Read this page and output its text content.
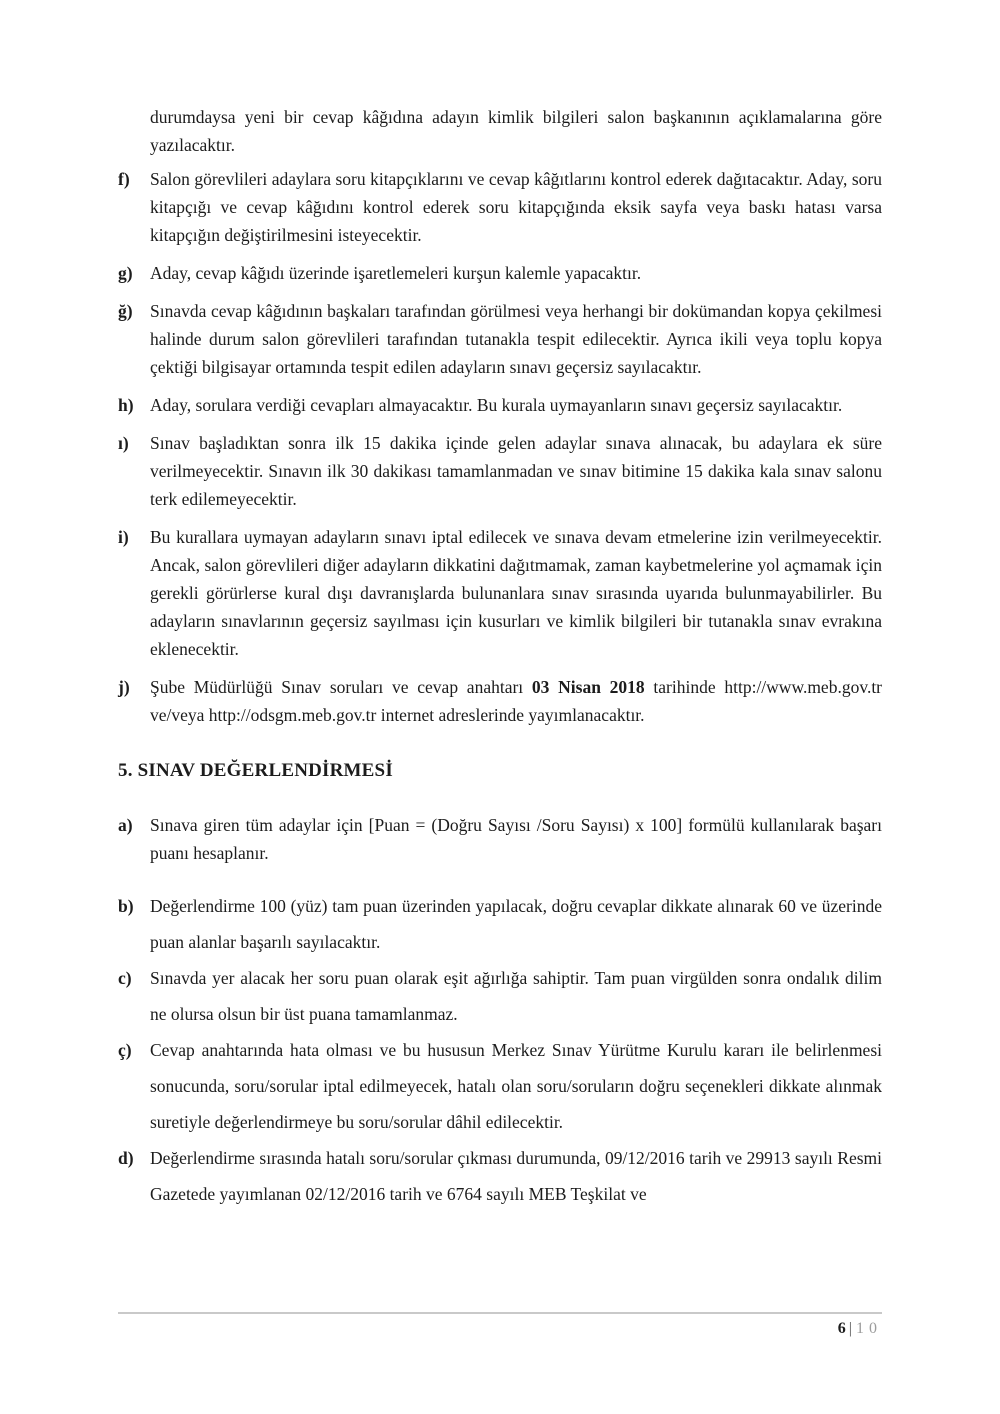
durumdaysa yeni bir cevap kâğıdına adayın kimlik bilgileri salon başkanının açıklamalarına göre yazılacaktır.

f) Salon görevlileri adaylara soru kitapçıklarını ve cevap kâğıtlarını kontrol ederek dağıtacaktır. Aday, soru kitapçığı ve cevap kâğıdını kontrol ederek soru kitapçığında eksik sayfa veya baskı hatası varsa kitapçığın değiştirilmesini isteyecektir.
g) Aday, cevap kâğıdı üzerinde işaretlemeleri kurşun kalemle yapacaktır.
ğ) Sınavda cevap kâğıdının başkaları tarafından görülmesi veya herhangi bir dokümandan kopya çekilmesi halinde durum salon görevlileri tarafından tutanakla tespit edilecektir. Ayrıca ikili veya toplu kopya çektiği bilgisayar ortamında tespit edilen adayların sınavı geçersiz sayılacaktır.
h) Aday, sorulara verdiği cevapları almayacaktır. Bu kurala uymayanların sınavı geçersiz sayılacaktır.
ı) Sınav başladıktan sonra ilk 15 dakika içinde gelen adaylar sınava alınacak, bu adaylara ek süre verilmeyecektir. Sınavın ilk 30 dakikası tamamlanmadan ve sınav bitimine 15 dakika kala sınav salonu terk edilemeyecektir.
i) Bu kurallara uymayan adayların sınavı iptal edilecek ve sınava devam etmelerine izin verilmeyecektir. Ancak, salon görevlileri diğer adayların dikkatini dağıtmamak, zaman kaybetmelerine yol açmamak için gerekli görürlerse kural dışı davranışlarda bulunanlara sınav sırasında uyarıda bulunmayabilirler. Bu adayların sınavlarının geçersiz sayılması için kusurları ve kimlik bilgileri bir tutanakla sınav evrakına eklenecektir.
j) Şube Müdürlüğü Sınav soruları ve cevap anahtarı 03 Nisan 2018 tarihinde http://www.meb.gov.tr ve/veya http://odsgm.meb.gov.tr internet adreslerinde yayımlanacaktır.
5. SINAV DEĞERLENDİRMESİ
a) Sınava giren tüm adaylar için [Puan = (Doğru Sayısı /Soru Sayısı) x 100] formülü kullanılarak başarı puanı hesaplanır.
b) Değerlendirme 100 (yüz) tam puan üzerinden yapılacak, doğru cevaplar dikkate alınarak 60 ve üzerinde puan alanlar başarılı sayılacaktır.
c) Sınavda yer alacak her soru puan olarak eşit ağırlığa sahiptir. Tam puan virgülden sonra ondalık dilim ne olursa olsun bir üst puana tamamlanmaz.
ç) Cevap anahtarında hata olması ve bu hususun Merkez Sınav Yürütme Kurulu kararı ile belirlenmesi sonucunda, soru/sorular iptal edilmeyecek, hatalı olan soru/soruların doğru seçenekleri dikkate alınmak suretiyle değerlendirmeye bu soru/sorular dâhil edilecektir.
d) Değerlendirme sırasında hatalı soru/sorular çıkması durumunda, 09/12/2016 tarih ve 29913 sayılı Resmi Gazetede yayımlanan 02/12/2016 tarih ve 6764 sayılı MEB Teşkilat ve
6 | 10
